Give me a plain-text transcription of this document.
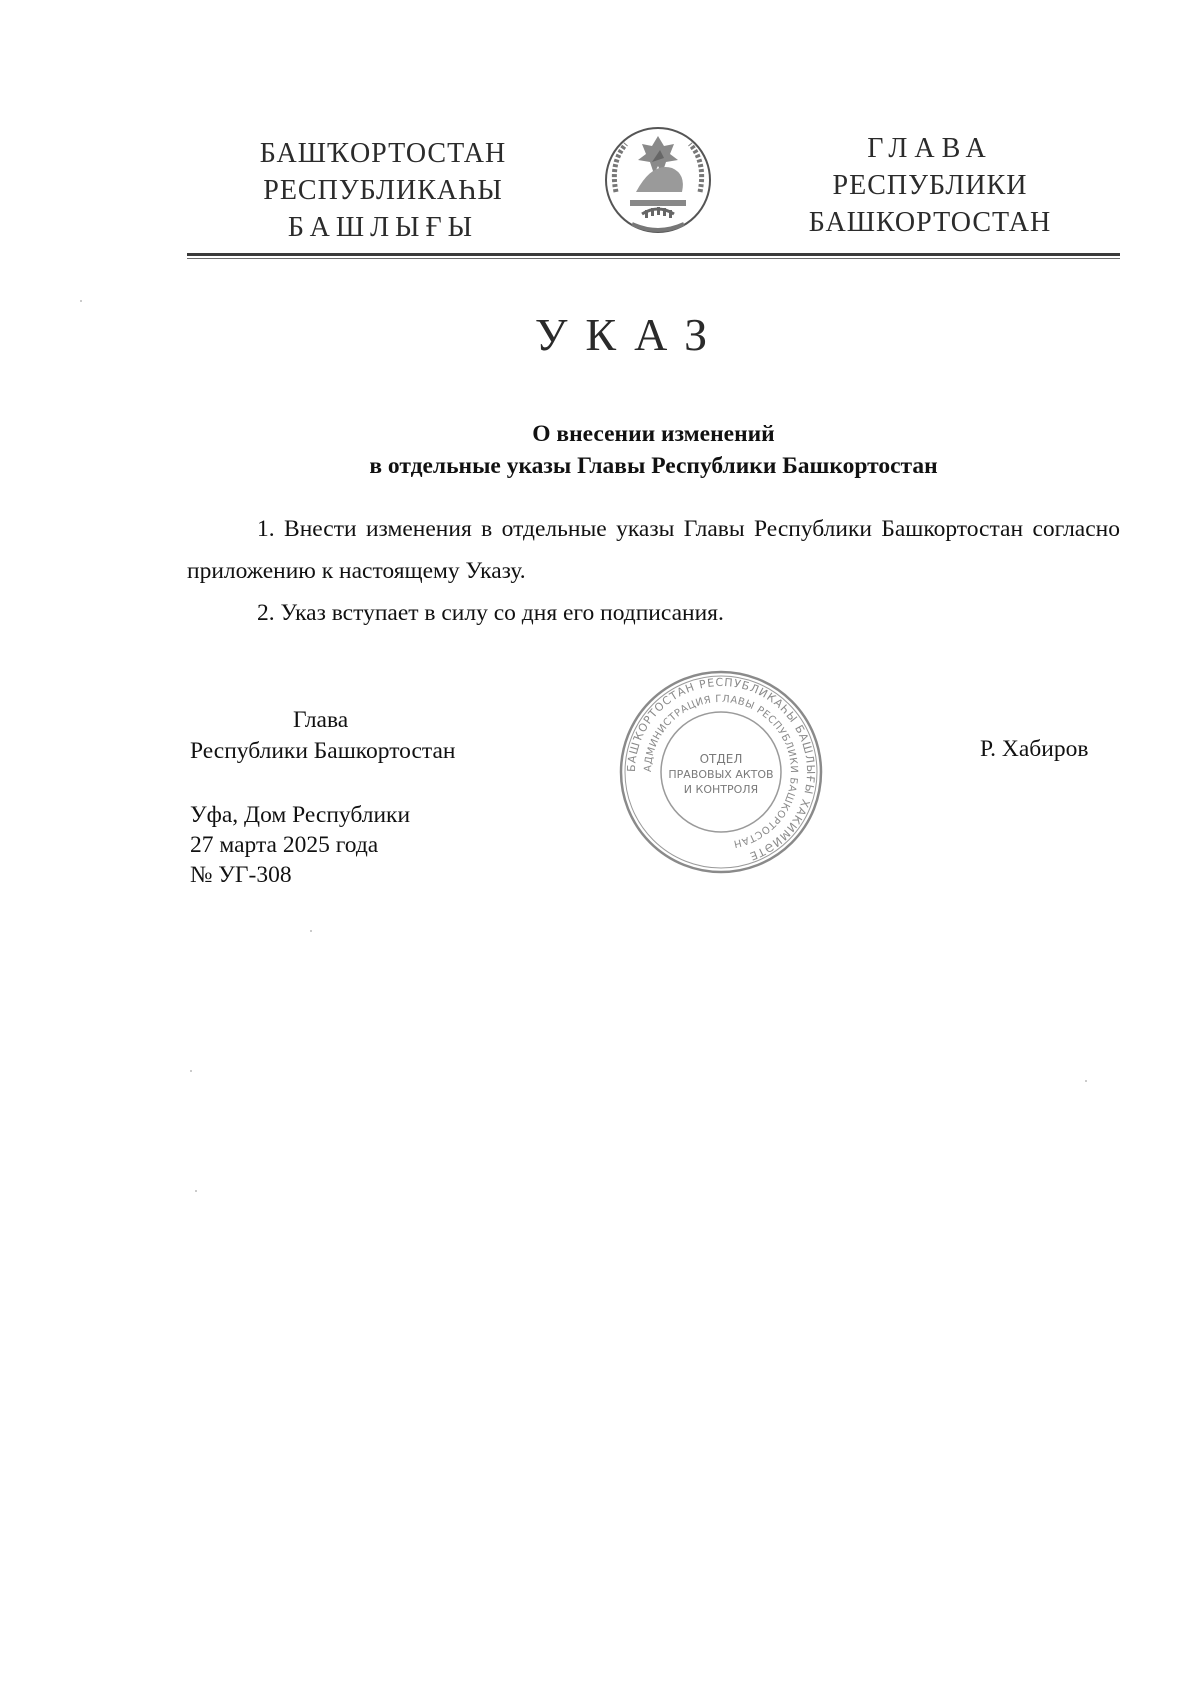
БАШҠОРТОСТАН
РЕСПУБЛИКАҺЫ
БАШЛЫҒЫ
ГЛАВА
РЕСПУБЛИКИ
БАШКОРТОСТАН
УКАЗ
О внесении изменений
в отдельные указы Главы Республики Башкортостан
1. Внести изменения в отдельные указы Главы Республики Башкортостан согласно приложению к настоящему Указу.
2. Указ вступает в силу со дня его подписания.
Глава
Республики Башкортостан	Р. Хабиров
Уфа, Дом Республики
27 марта 2025 года
№ УГ-308
БАШҠОРТОСТАН РЕСПУБЛИКАҺЫ БАШЛЫҒЫ ХАКИМИӘТЕ
АДМИНИСТРАЦИЯ ГЛАВЫ РЕСПУБЛИКИ БАШКОРТОСТАН
ОТДЕЛ
ПРАВОВЫХ АКТОВ
И КОНТРОЛЯ
